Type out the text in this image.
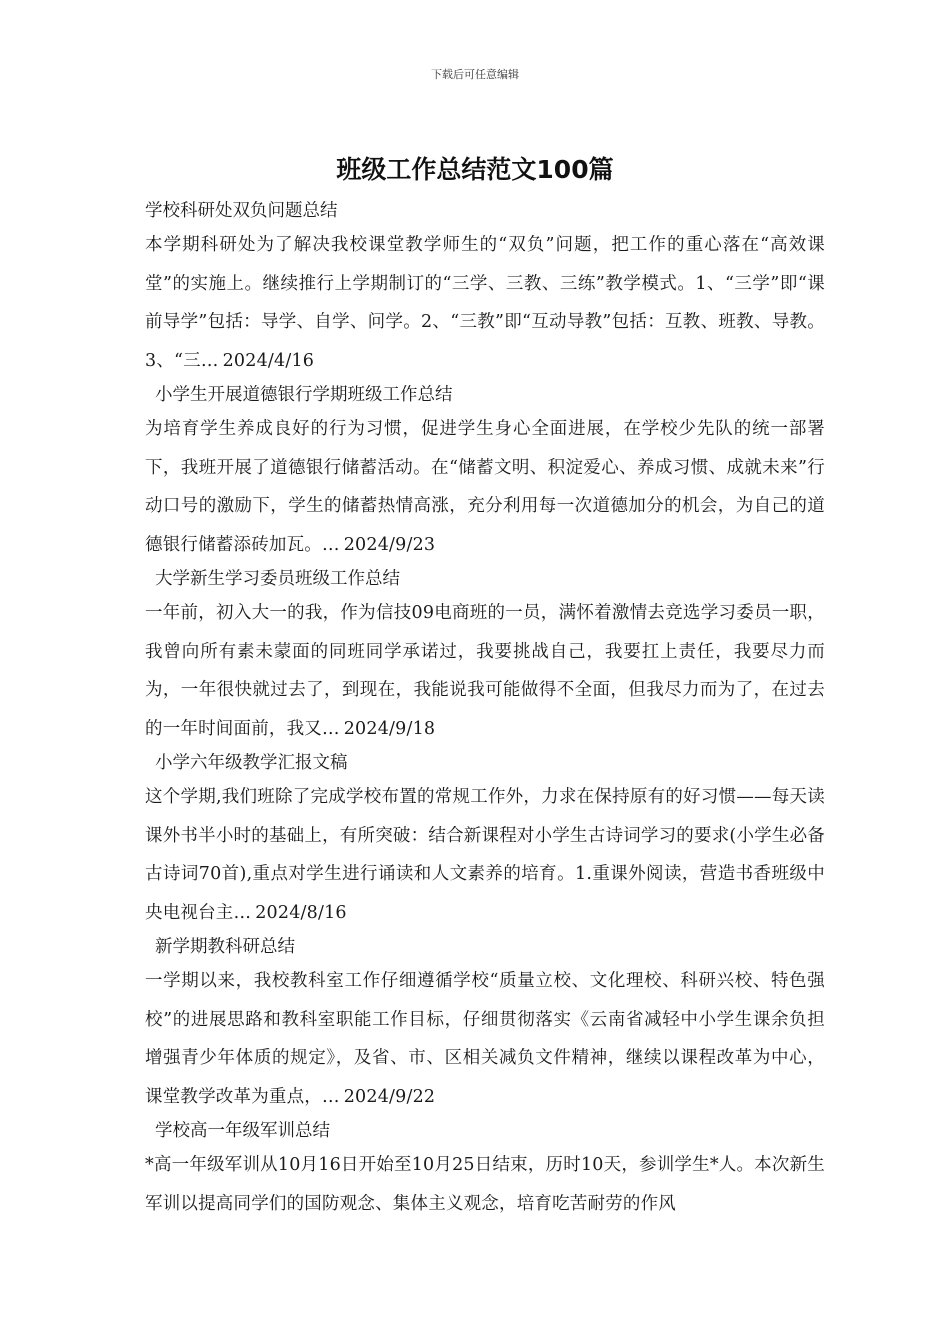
下载后可任意编辑
班级工作总结范文100篇
学校科研处双负问题总结
本学期科研处为了解决我校课堂教学师生的“双负”问题，把工作的重心落在“高效课堂”的实施上。继续推行上学期制订的“三学、三教、三练”教学模式。1、“三学”即“课前导学”包括：导学、自学、问学。2、“三教”即“互动导教”包括：互教、班教、导教。3、“三… 2024/4/16
小学生开展道德银行学期班级工作总结
为培育学生养成良好的行为习惯，促进学生身心全面进展，在学校少先队的统一部署下，我班开展了道德银行储蓄活动。在“储蓄文明、积淀爱心、养成习惯、成就未来”行动口号的激励下，学生的储蓄热情高涨，充分利用每一次道德加分的机会，为自己的道德银行储蓄添砖加瓦。… 2024/9/23
大学新生学习委员班级工作总结
一年前，初入大一的我，作为信技09电商班的一员，满怀着激情去竞选学习委员一职，我曾向所有素未蒙面的同班同学承诺过，我要挑战自己，我要扛上责任，我要尽力而为，一年很快就过去了，到现在，我能说我可能做得不全面，但我尽力而为了，在过去的一年时间面前，我又… 2024/9/18
小学六年级教学汇报文稿
这个学期,我们班除了完成学校布置的常规工作外，力求在保持原有的好习惯——每天读课外书半小时的基础上，有所突破：结合新课程对小学生古诗词学习的要求(小学生必备古诗词70首),重点对学生进行诵读和人文素养的培育。1.重课外阅读，营造书香班级中央电视台主… 2024/8/16
新学期教科研总结
一学期以来，我校教科室工作仔细遵循学校“质量立校、文化理校、科研兴校、特色强校”的进展思路和教科室职能工作目标，仔细贯彻落实《云南省减轻中小学生课余负担增强青少年体质的规定》，及省、市、区相关减负文件精神，继续以课程改革为中心，课堂教学改革为重点，… 2024/9/22
学校高一年级军训总结
*高一年级军训从10月16日开始至10月25日结束，历时10天，参训学生*人。本次新生军训以提高同学们的国防观念、集体主义观念，培育吃苦耐劳的作风
